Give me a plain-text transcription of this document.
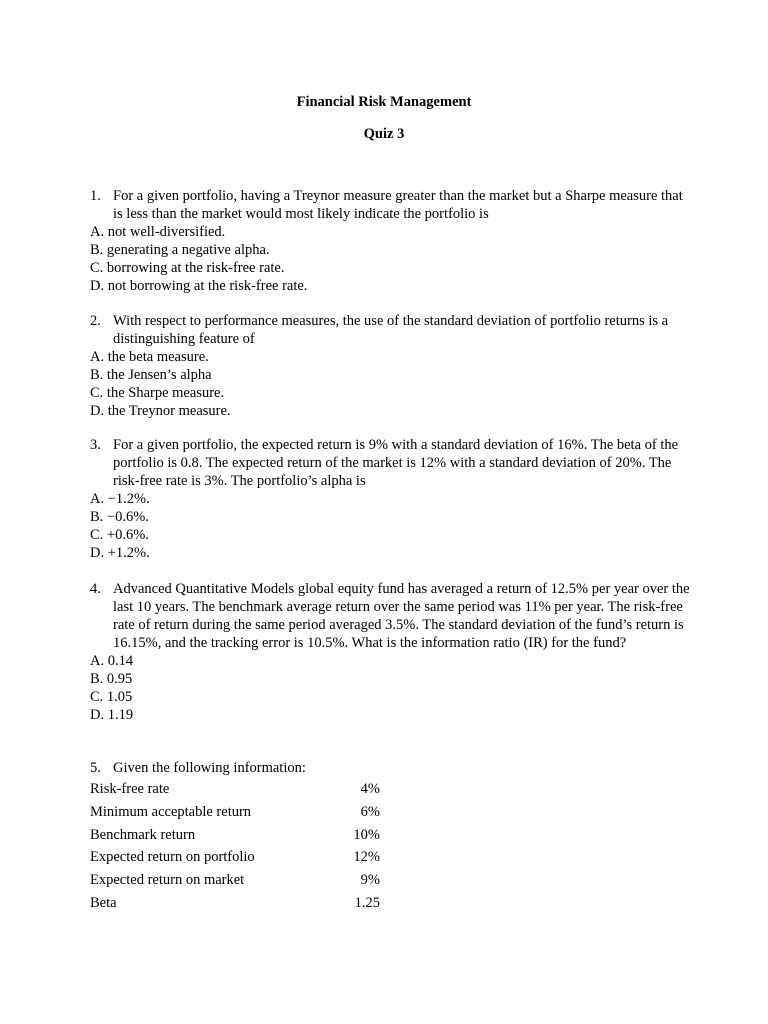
Financial Risk Management
Quiz 3
1. For a given portfolio, having a Treynor measure greater than the market but a Sharpe measure that is less than the market would most likely indicate the portfolio is
A. not well-diversified.
B. generating a negative alpha.
C. borrowing at the risk-free rate.
D. not borrowing at the risk-free rate.
2. With respect to performance measures, the use of the standard deviation of portfolio returns is a distinguishing feature of
A. the beta measure.
B. the Jensen’s alpha
C. the Sharpe measure.
D. the Treynor measure.
3. For a given portfolio, the expected return is 9% with a standard deviation of 16%. The beta of the portfolio is 0.8. The expected return of the market is 12% with a standard deviation of 20%. The risk-free rate is 3%. The portfolio’s alpha is
A. −1.2%.
B. −0.6%.
C. +0.6%.
D. +1.2%.
4. Advanced Quantitative Models global equity fund has averaged a return of 12.5% per year over the last 10 years. The benchmark average return over the same period was 11% per year. The risk-free rate of return during the same period averaged 3.5%. The standard deviation of the fund’s return is 16.15%, and the tracking error is 10.5%. What is the information ratio (IR) for the fund?
A. 0.14
B. 0.95
C. 1.05
D. 1.19
5. Given the following information:
Risk-free rate	4%
Minimum acceptable return	6%
Benchmark return	10%
Expected return on portfolio	12%
Expected return on market	9%
Beta	1.25
